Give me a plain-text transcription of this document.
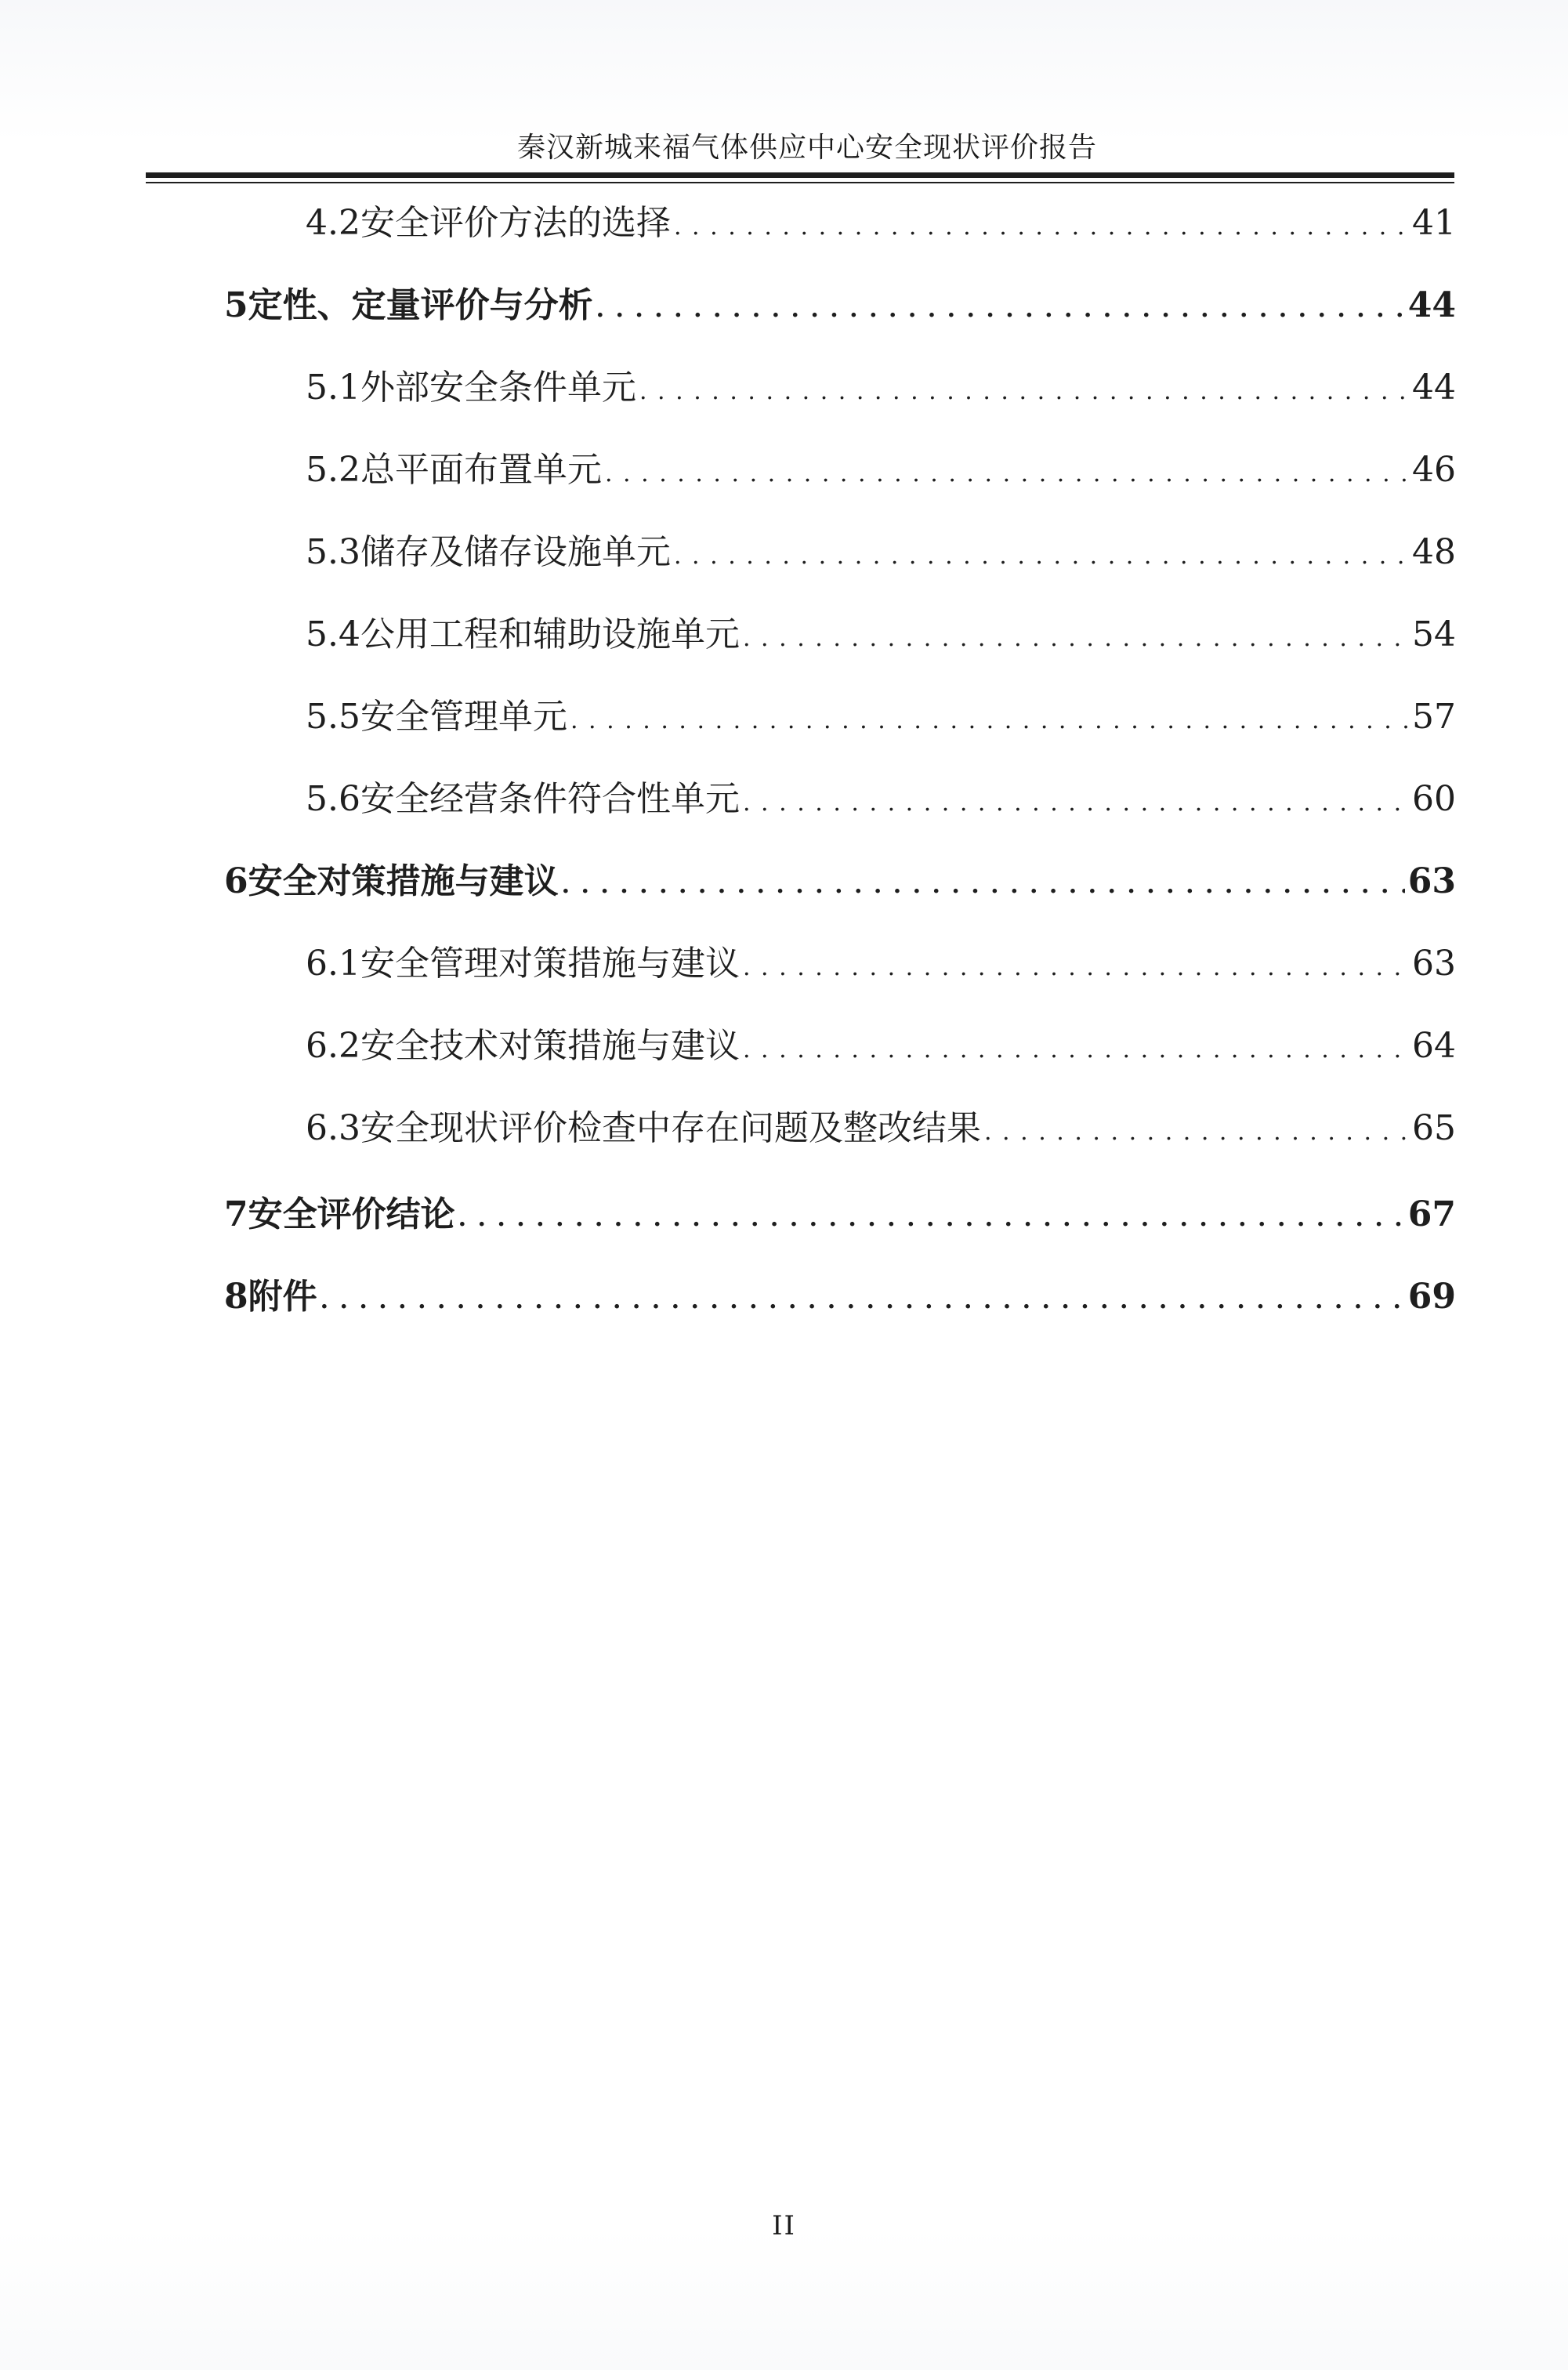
秦汉新城来福气体供应中心安全现状评价报告
4.2 安全评价方法的选择 . . .	41
5 定性、定量评价与分析 . . .	44
5.1 外部安全条件单元 . . .	44
5.2 总平面布置单元 . . .	46
5.3 储存及储存设施单元 . . .	48
5.4 公用工程和辅助设施单元 . . .	54
5.5 安全管理单元 . . .	57
5.6 安全经营条件符合性单元 . . .	60
6 安全对策措施与建议 . . .	63
6.1 安全管理对策措施与建议 . . .	63
6.2 安全技术对策措施与建议 . . .	64
6.3 安全现状评价检查中存在问题及整改结果 . . .	65
7 安全评价结论 . . .	67
8 附件 . . .	69
II
